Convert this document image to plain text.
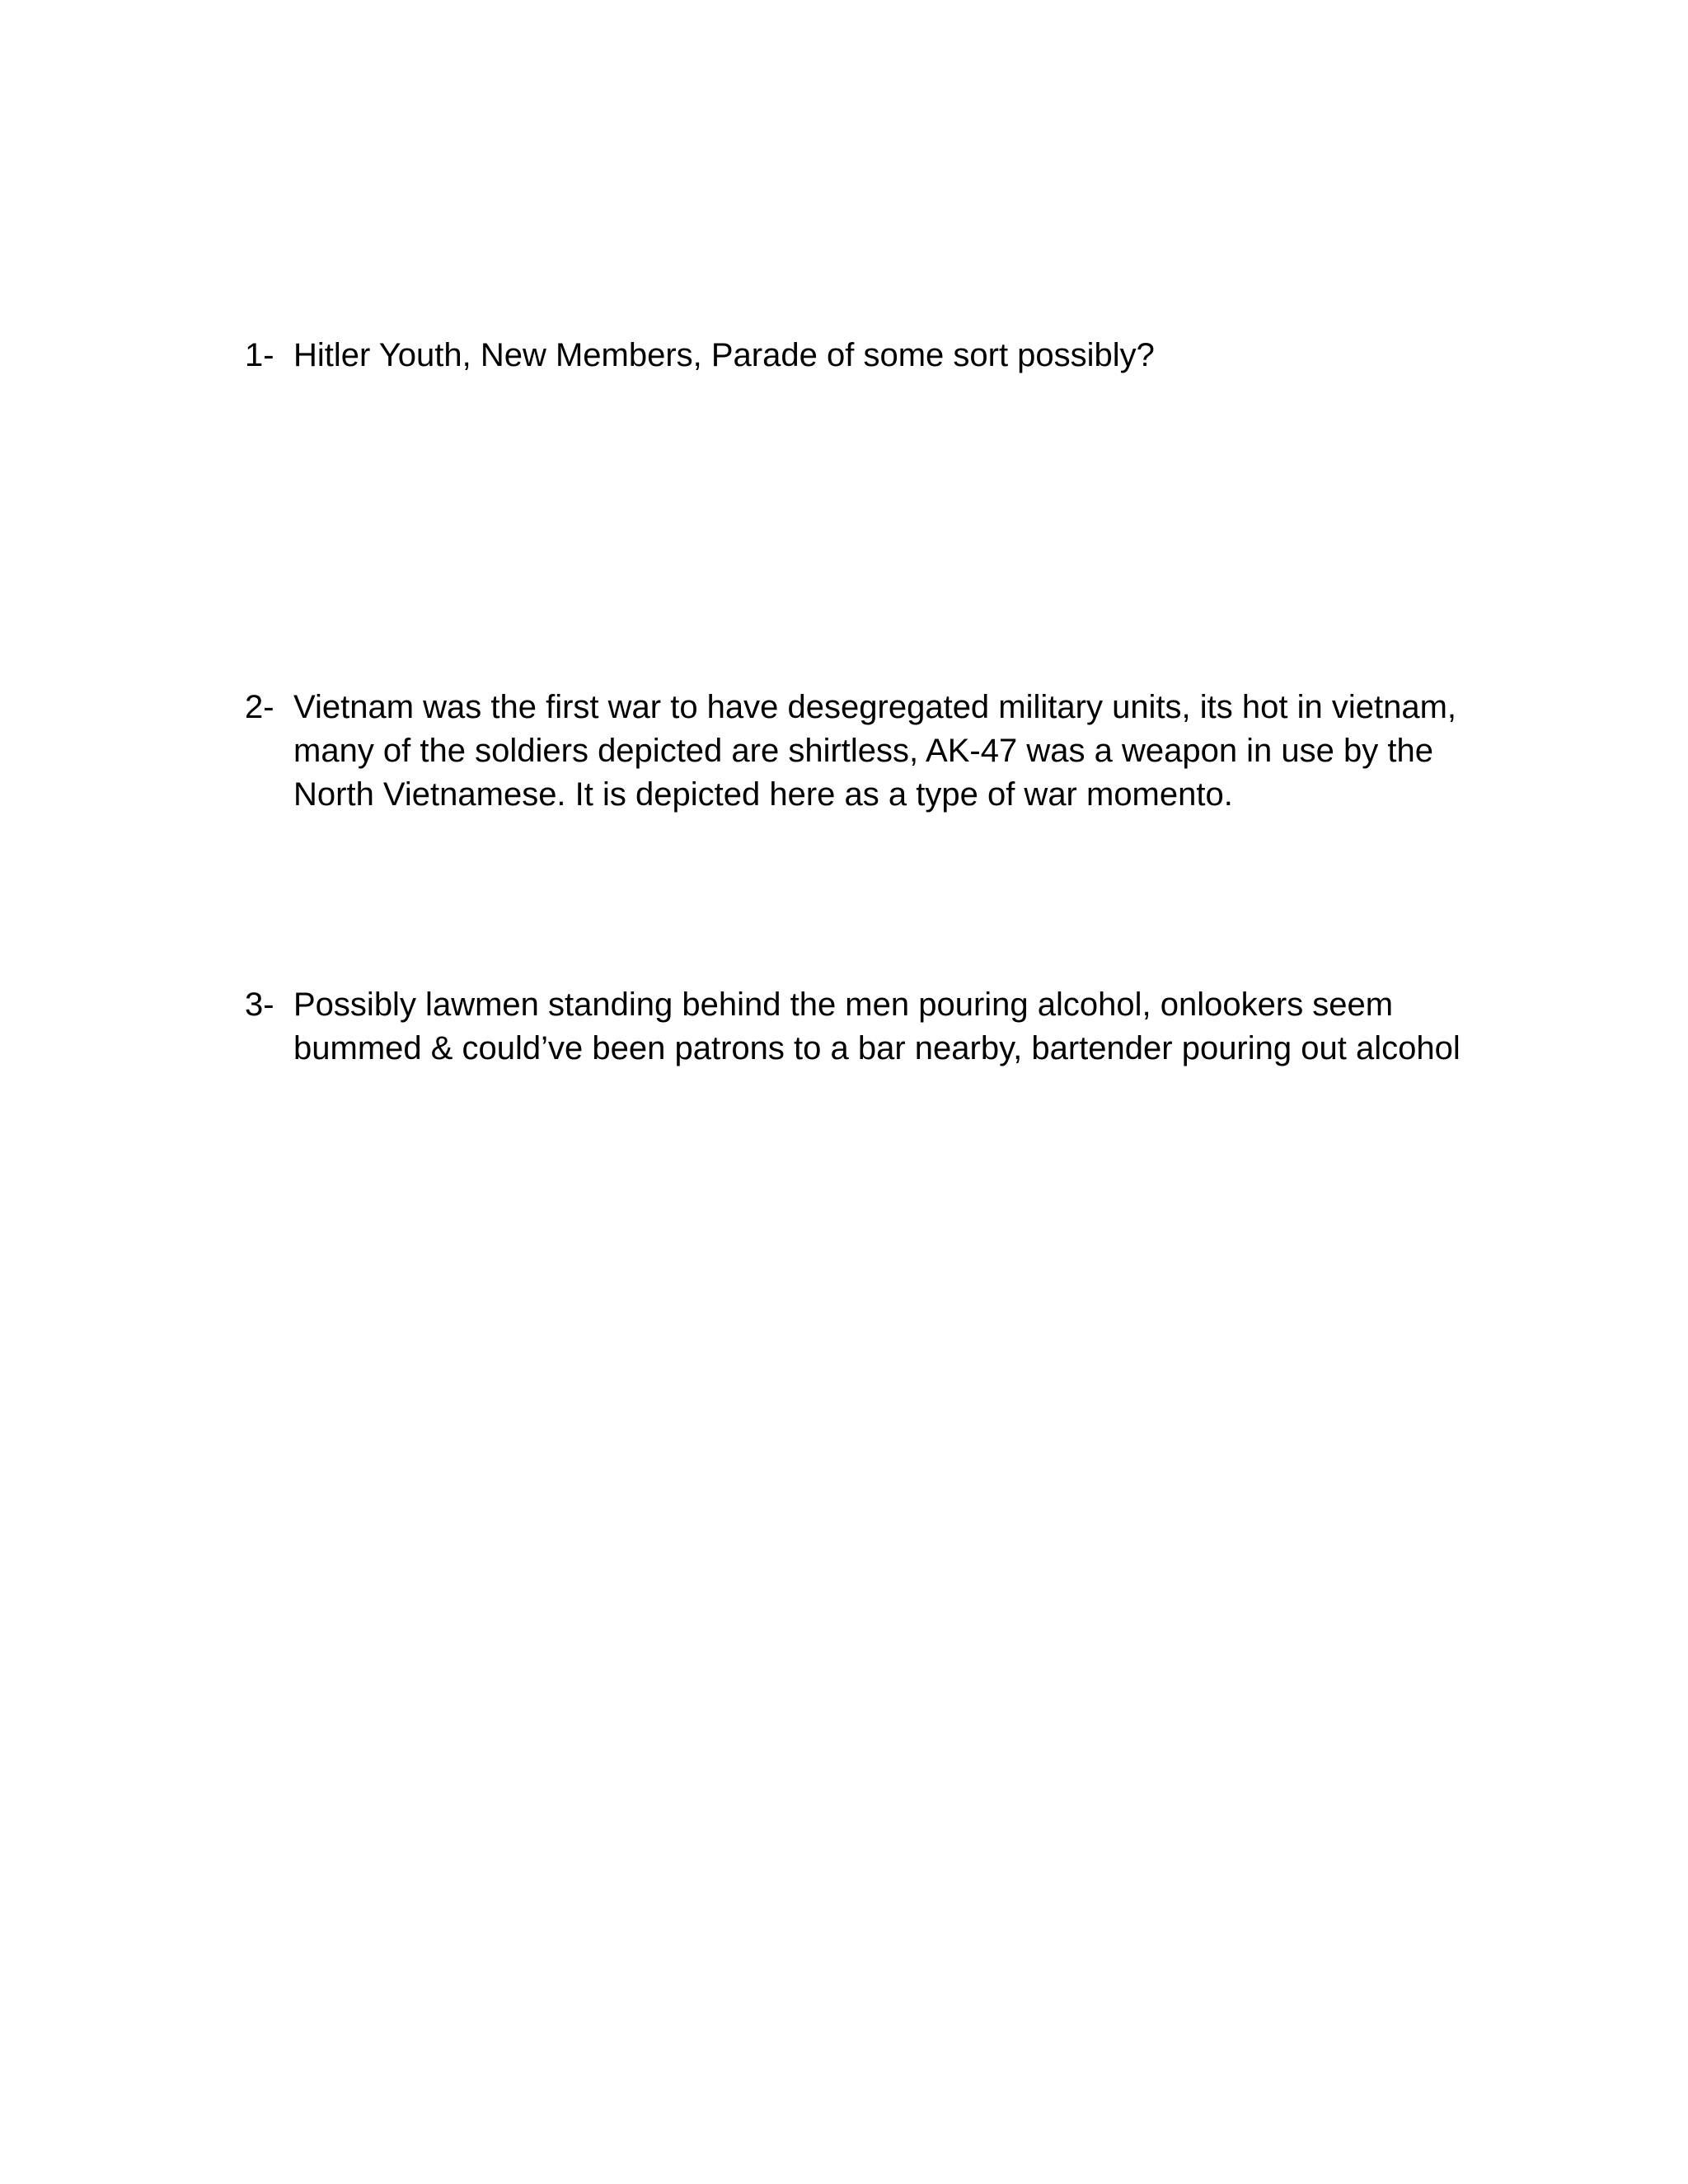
1- Hitler Youth, New Members, Parade of some sort possibly?
2- Vietnam was the first war to have desegregated military units, its hot in vietnam,
many of the soldiers depicted are shirtless, AK-47 was a weapon in use by the
North Vietnamese. It is depicted here as a type of war momento.
3- Possibly lawmen standing behind the men pouring alcohol, onlookers seem
bummed & could’ve been patrons to a bar nearby, bartender pouring out alcohol
